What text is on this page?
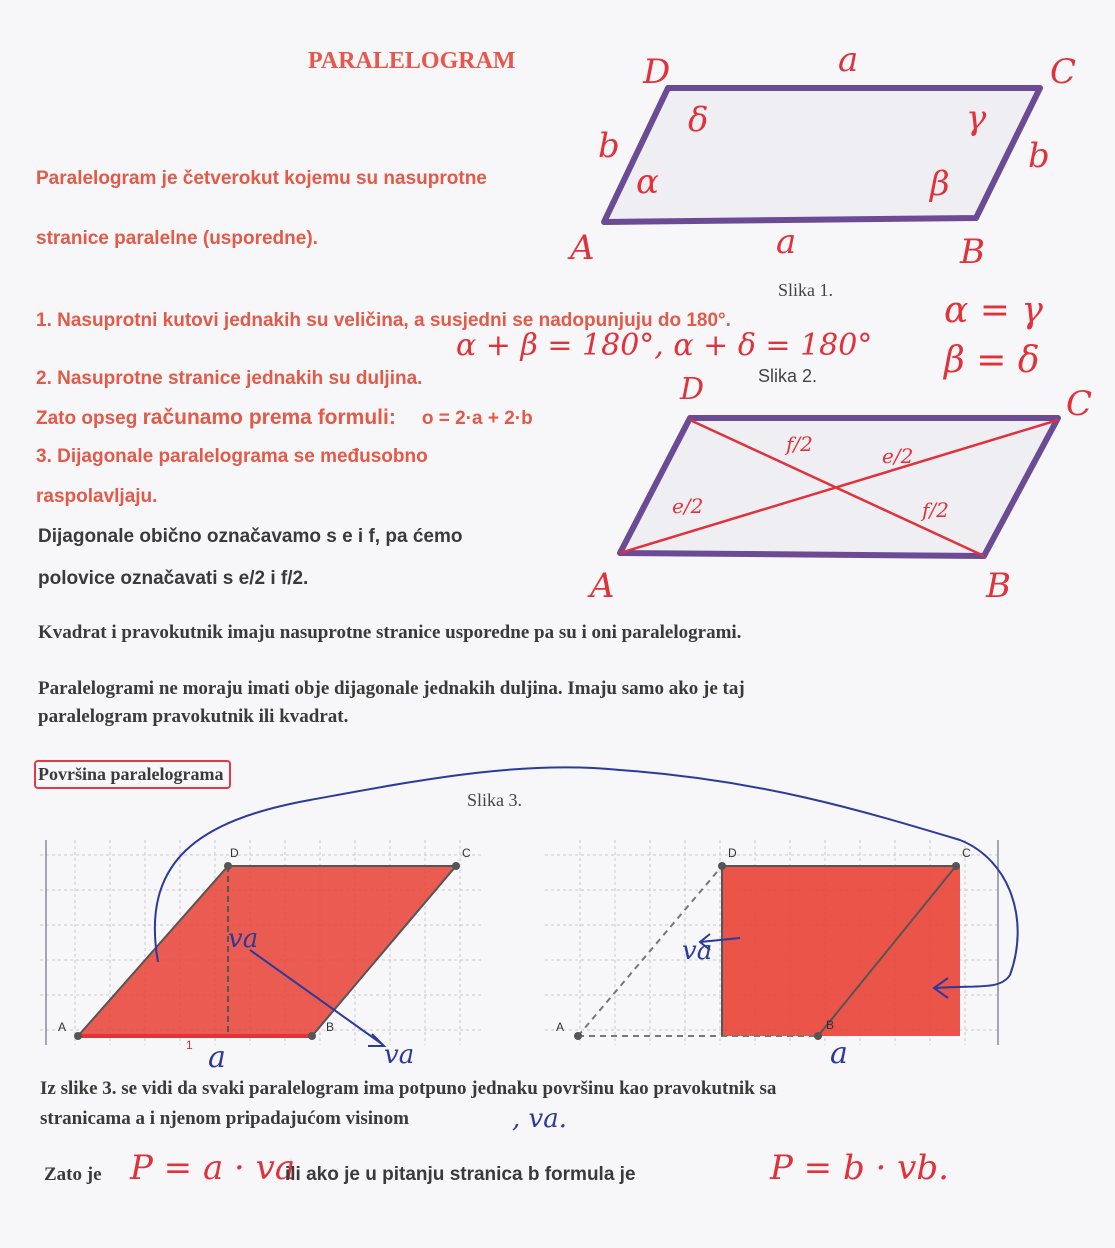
PARALELOGRAM
Paralelogram je četverokut kojemu su nasuprotne
stranice paralelne (usporedne).
Slika 1.
1. Nasuprotni kutovi jednakih su veličina, a susjedni se nadopunjuju do 180°.
2. Nasuprotne stranice jednakih su duljina.	Slika 2.
Zato opseg računamo prema formuli: o = 2·a + 2·b
3. Dijagonale paralelograma se međusobno
raspolavljaju.
Dijagonale obično označavamo s e i f, pa ćemo
polovice označavati s e/2 i f/2.
Kvadrat i pravokutnik imaju nasuprotne stranice usporedne pa su i oni paralelogrami.
Paralelogrami ne moraju imati obje dijagonale jednakih duljina. Imaju samo ako je taj
paralelogram pravokutnik ili kvadrat.
Površina paralelograma
Slika 3.
Iz slike 3. se vidi da svaki paralelogram ima potpuno jednaku površinu kao pravokutnik sa
stranicama a i njenom pripadajućom visinom	, va.
Zato je P = a · va
ili ako je u pitanju stranica b formula je	P = b · vb.
D	C
A	B
a
a
b	b
α	β
γ
δ
α + β = 180°, α + δ = 180°
α = γ
β = δ
D	C
A	B
f/2	e/2
e/2	f/2
A	B
C
D
1
A	B
C
D
va
va
va
a	a
